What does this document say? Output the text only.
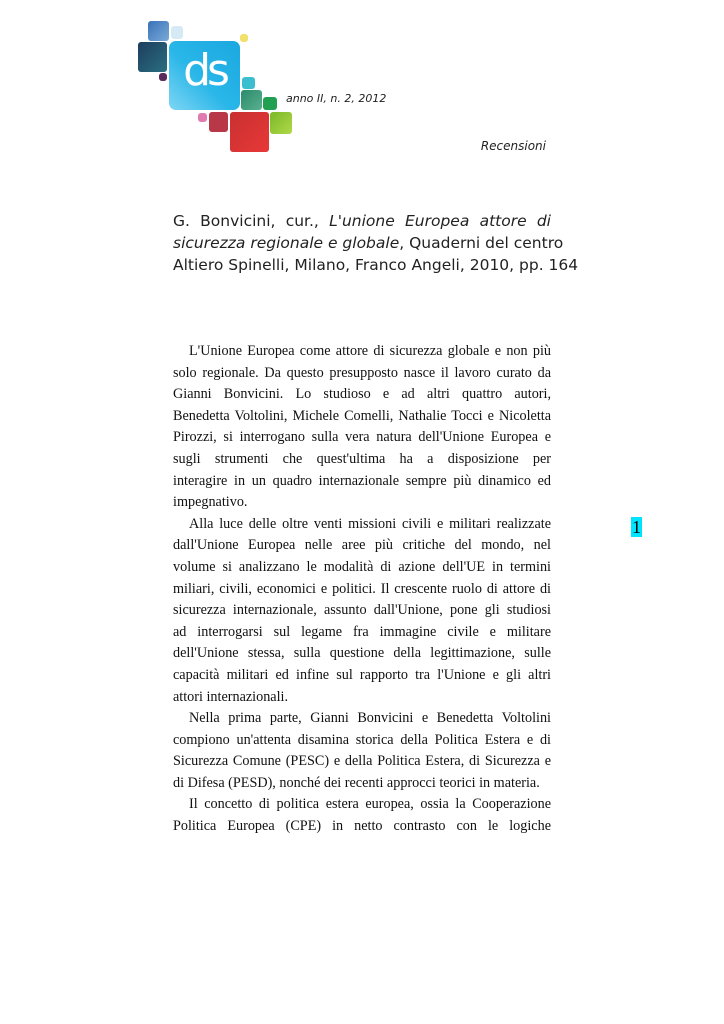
ds
anno II, n. 2, 2012
Recensioni
G. Bonvicini, cur., L'unione Europea attore di
sicurezza regionale e globale, Quaderni del centro
Altiero Spinelli, Milano, Franco Angeli, 2010, pp. 164
L'Unione Europea come attore di sicurezza globale e non più
solo regionale. Da questo presupposto nasce il lavoro curato da
Gianni Bonvicini. Lo studioso e ad altri quattro autori,
Benedetta Voltolini, Michele Comelli, Nathalie Tocci e Nicoletta
Pirozzi, si interrogano sulla vera natura dell'Unione Europea e
sugli strumenti che quest'ultima ha a disposizione per
interagire in un quadro internazionale sempre più dinamico ed
impegnativo.
Alla luce delle oltre venti missioni civili e militari realizzate
dall'Unione Europea nelle aree più critiche del mondo, nel
volume si analizzano le modalità di azione dell'UE in termini
miliari, civili, economici e politici. Il crescente ruolo di attore di
sicurezza internazionale, assunto dall'Unione, pone gli studiosi
ad interrogarsi sul legame fra immagine civile e militare
dell'Unione stessa, sulla questione della legittimazione, sulle
capacità militari ed infine sul rapporto tra l'Unione e gli altri
attori internazionali.
Nella prima parte, Gianni Bonvicini e Benedetta Voltolini
compiono un'attenta disamina storica della Politica Estera e di
Sicurezza Comune (PESC) e della Politica Estera, di Sicurezza e
di Difesa (PESD), nonché dei recenti approcci teorici in materia.
Il concetto di politica estera europea, ossia la Cooperazione
Politica Europea (CPE) in netto contrasto con le logiche
1
